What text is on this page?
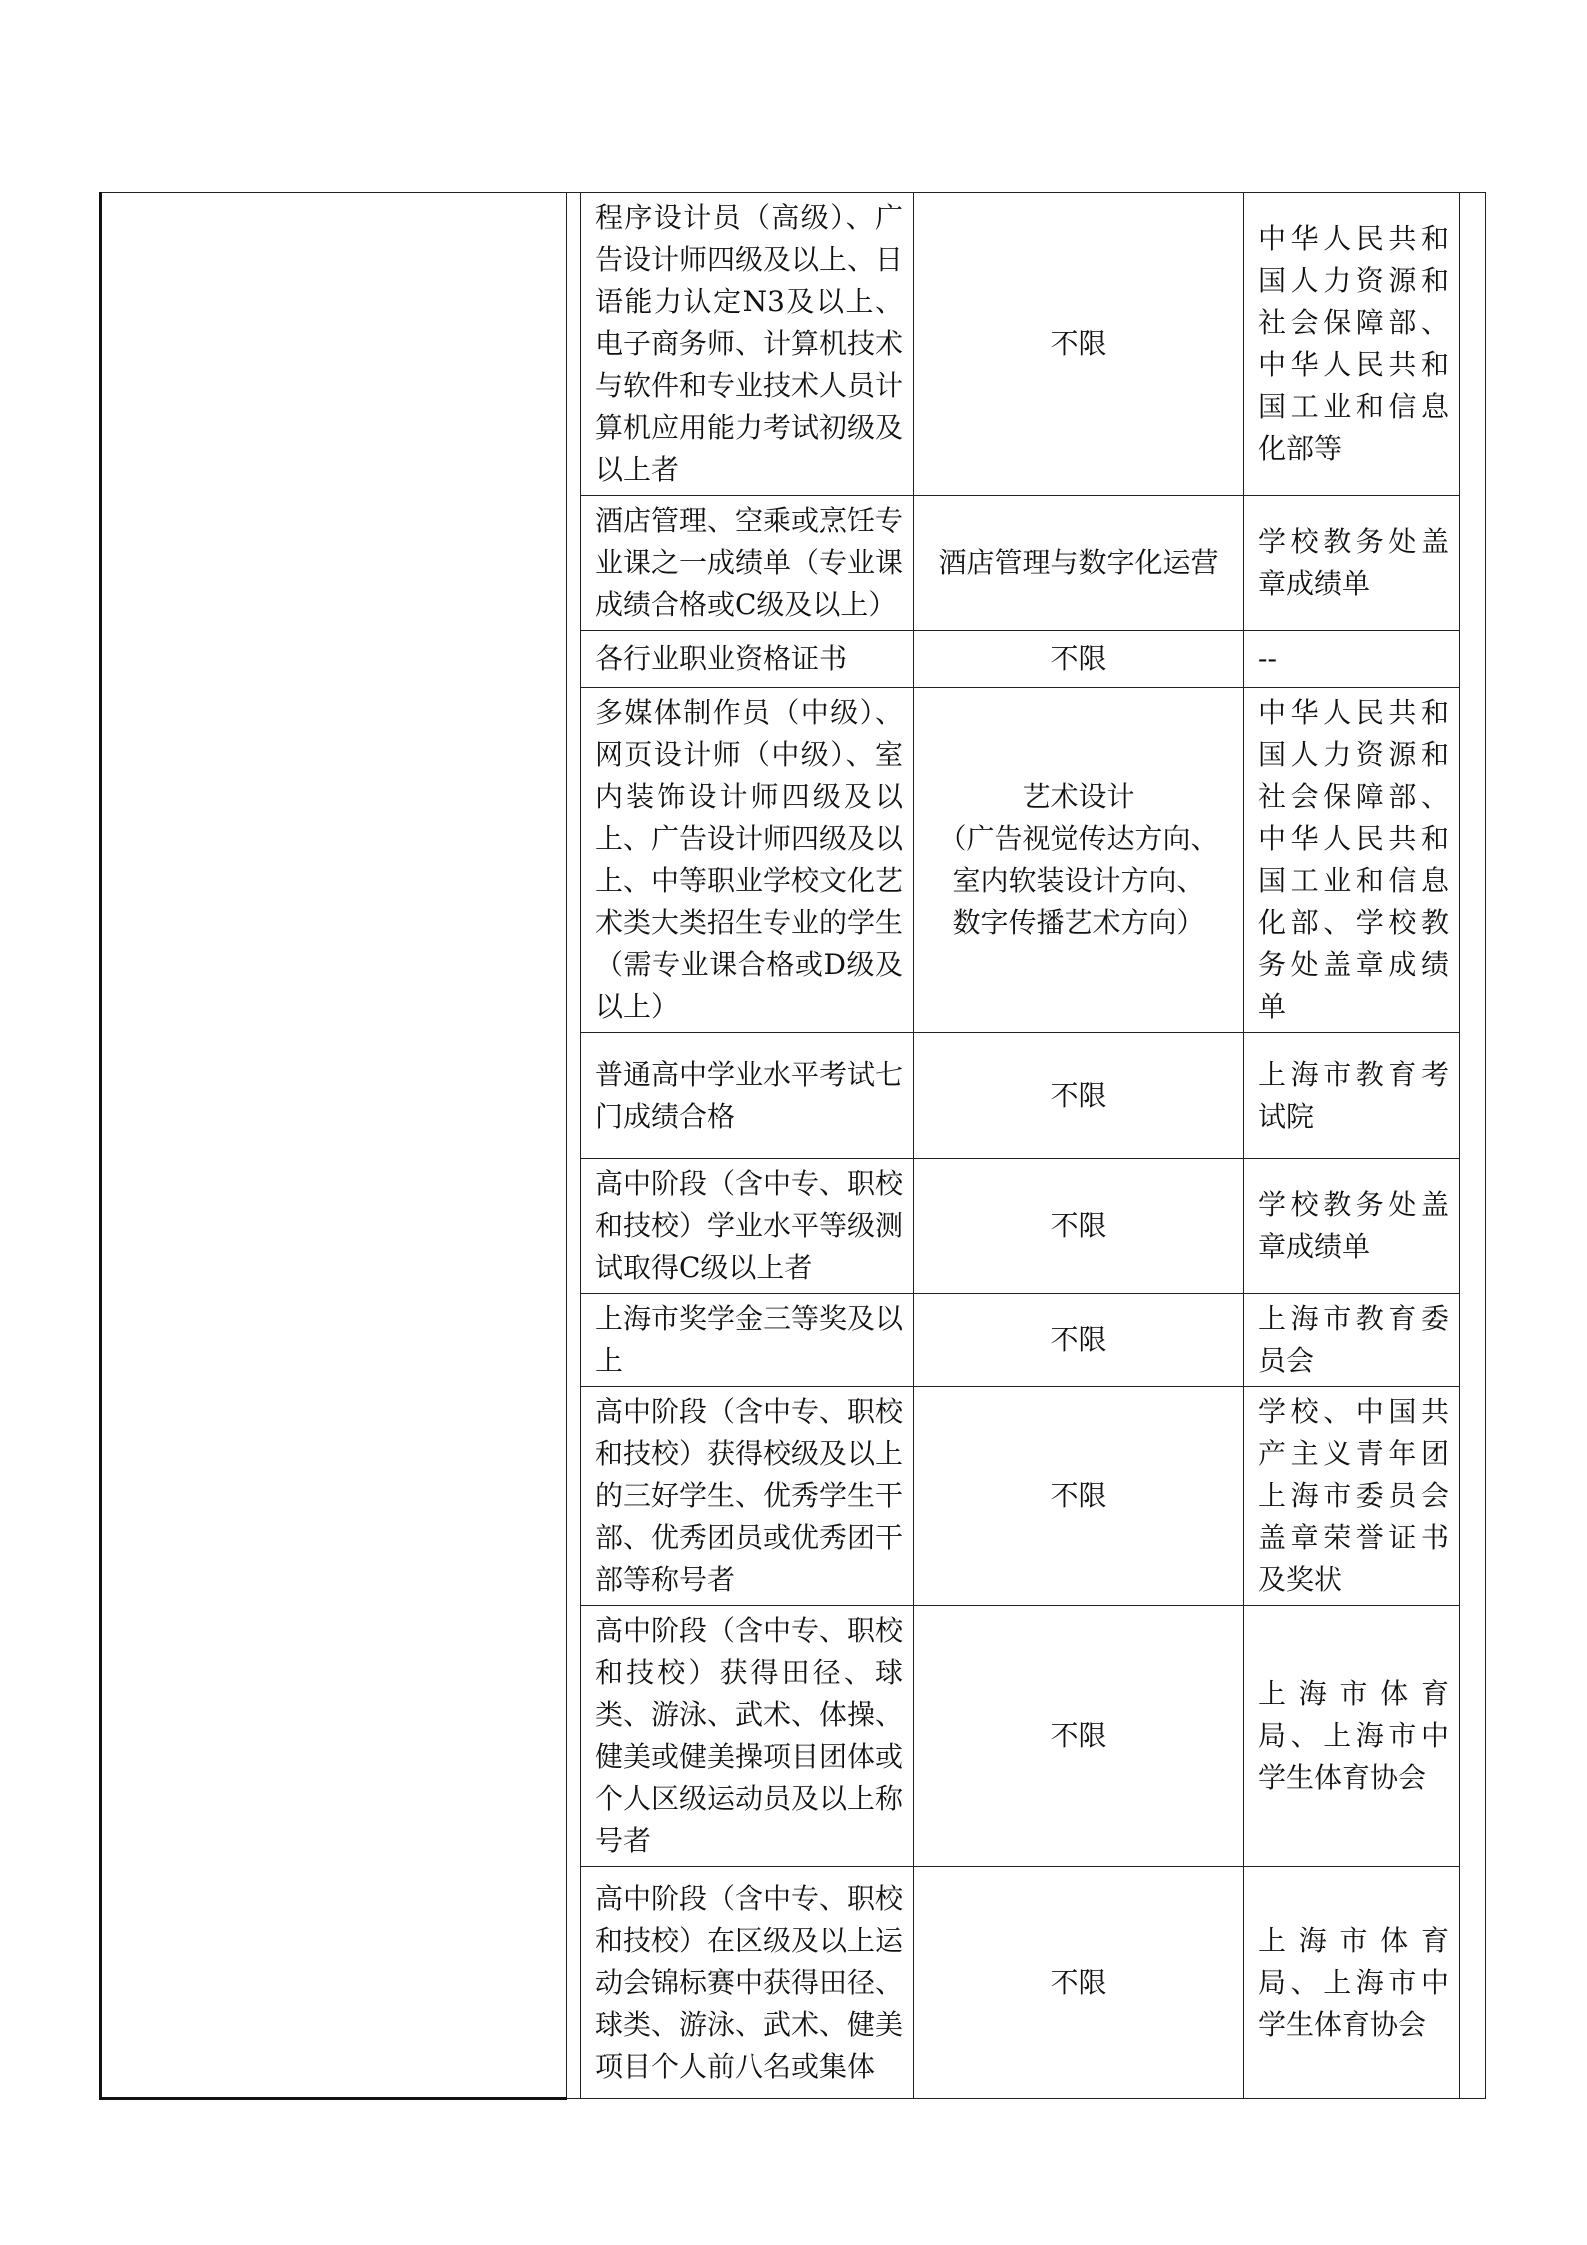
		程序设计员（高级）、广告设计师四级及以上、日语能力认定N3及以上、电子商务师、计算机技术与软件和专业技术人员计算机应用能力考试初级及以上者	不限	中华人民共和国人力资源和社会保障部、中华人民共和国工业和信息化部等	
		酒店管理、空乘或烹饪专业课之一成绩单（专业课成绩合格或C级及以上）	酒店管理与数字化运营	学校教务处盖章成绩单	
		各行业职业资格证书	不限	--	
		多媒体制作员（中级）、网页设计师（中级）、室内装饰设计师四级及以上、广告设计师四级及以上、中等职业学校文化艺术类大类招生专业的学生（需专业课合格或D级及以上）	艺术设计
（广告视觉传达方向、
室内软装设计方向、
数字传播艺术方向）	中华人民共和国人力资源和社会保障部、中华人民共和国工业和信息化部、学校教务处盖章成绩单	
		普通高中学业水平考试七门成绩合格	不限	上海市教育考试院	
		高中阶段（含中专、职校和技校）学业水平等级测试取得C级以上者	不限	学校教务处盖章成绩单	
		上海市奖学金三等奖及以上	不限	上海市教育委员会	
		高中阶段（含中专、职校和技校）获得校级及以上的三好学生、优秀学生干部、优秀团员或优秀团干部等称号者	不限	学校、中国共产主义青年团上海市委员会盖章荣誉证书及奖状	
		高中阶段（含中专、职校和技校）获得田径、球类、游泳、武术、体操、健美或健美操项目团体或个人区级运动员及以上称号者	不限	上海市体育局、上海市中学生体育协会	
		高中阶段（含中专、职校和技校）在区级及以上运动会锦标赛中获得田径、球类、游泳、武术、健美项目个人前八名或集体	不限	上海市体育局、上海市中学生体育协会	
